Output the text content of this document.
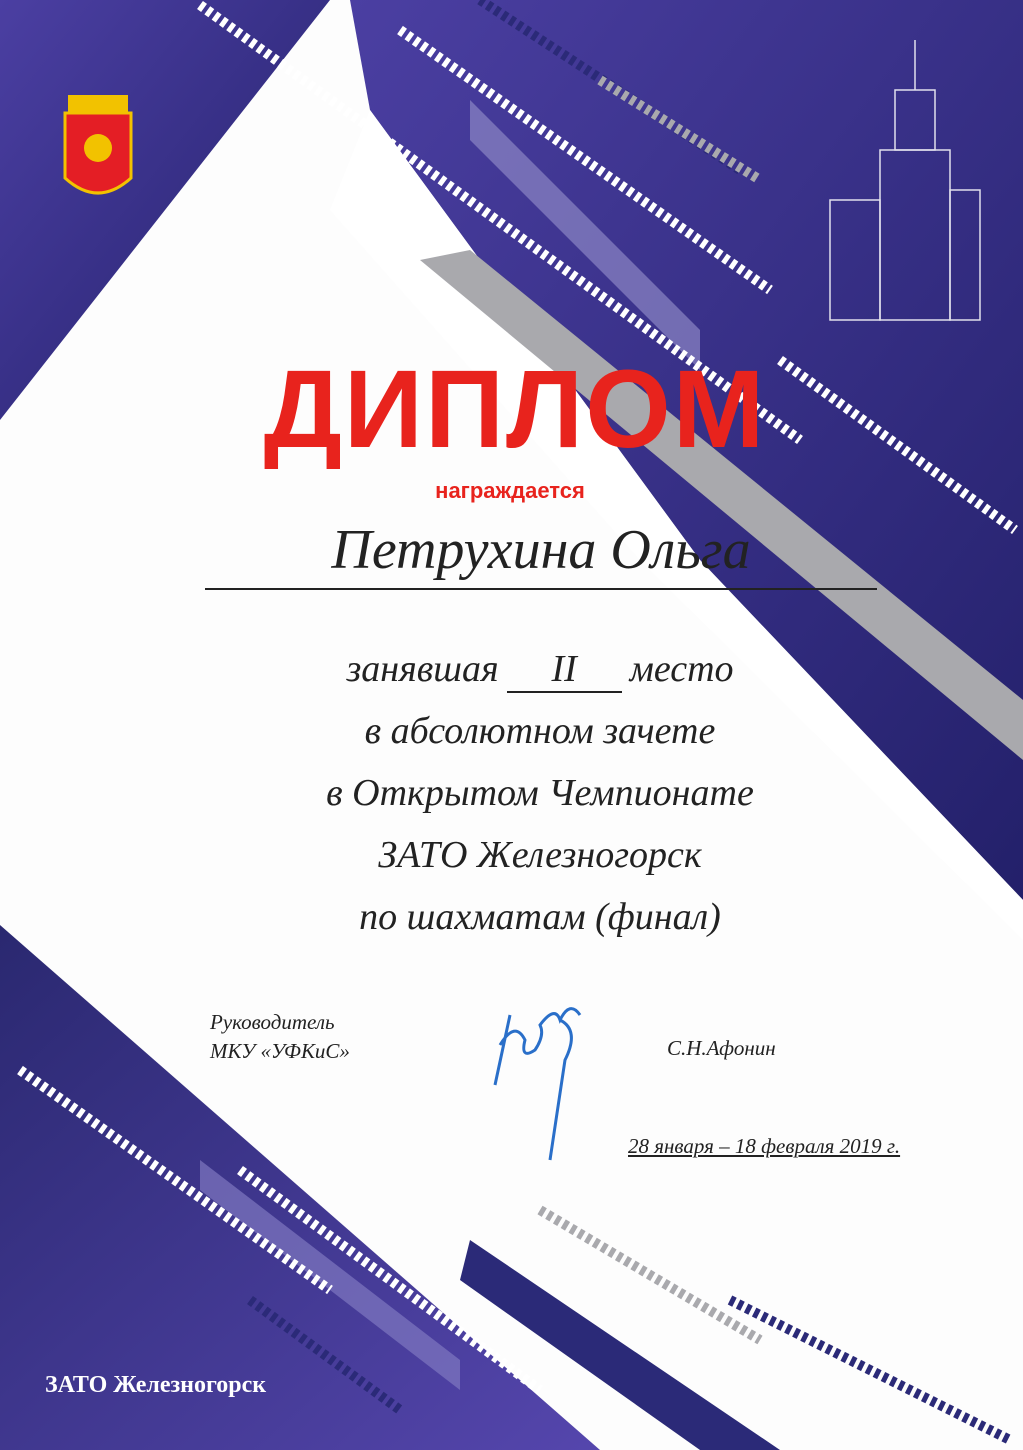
ДИПЛОМ
награждается
Петрухина Ольга
занявшая II место
в абсолютном зачете
в Открытом Чемпионате
ЗАТО Железногорск
по шахматам (финал)
Руководитель
МКУ «УФКиС»	С.Н.Афонин
28 января – 18 февраля 2019 г.
ЗАТО Железногорск
